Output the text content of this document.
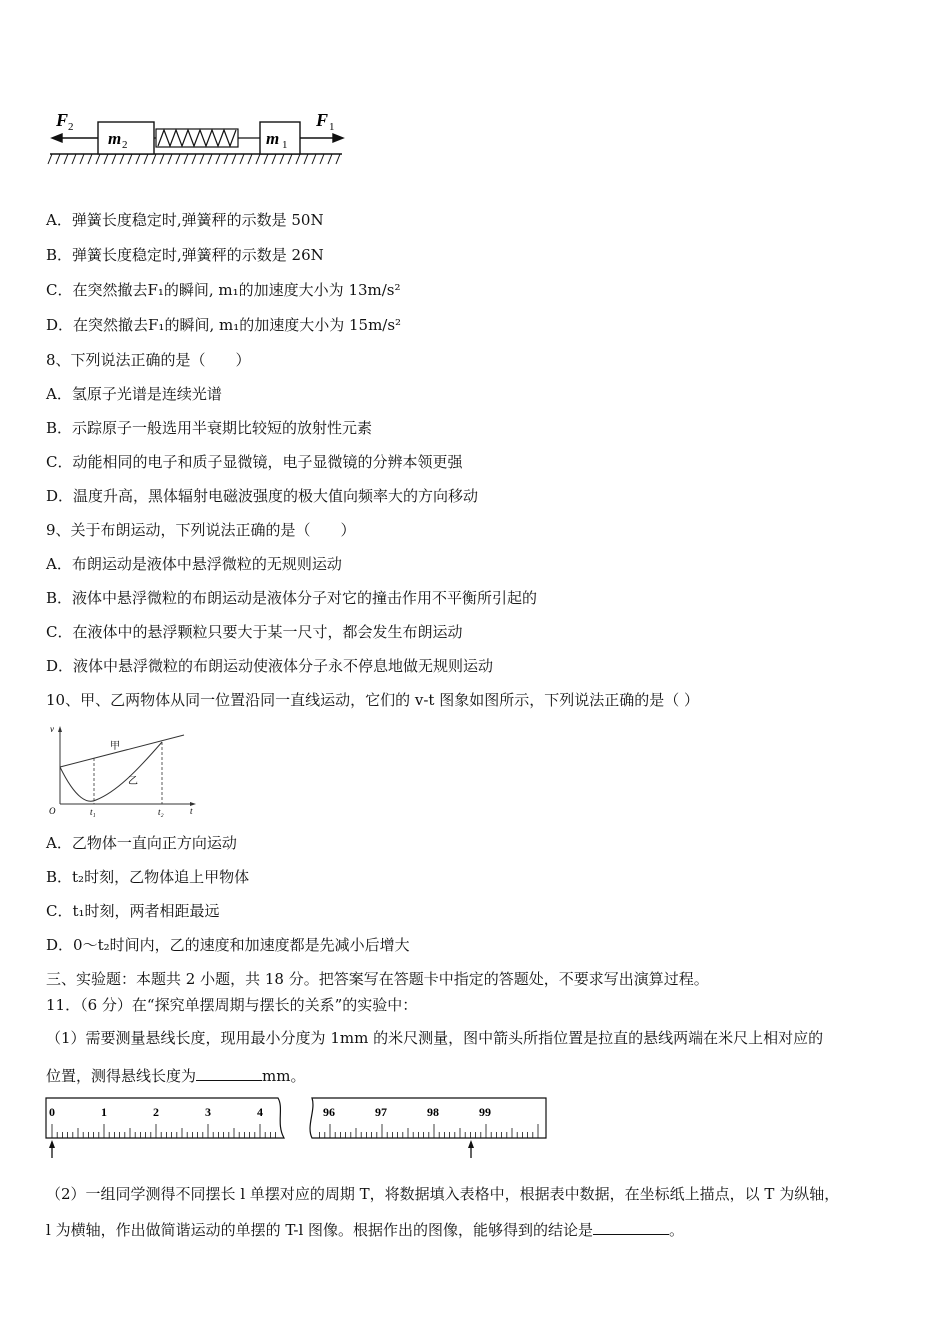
m 2	m 1
F 2	F 1
A．弹簧长度稳定时,弹簧秤的示数是 50N
B．弹簧长度稳定时,弹簧秤的示数是 26N
C．在突然撤去F₁的瞬间, m₁的加速度大小为 13m/s²
D．在突然撤去F₁的瞬间, m₁的加速度大小为 15m/s²
8、下列说法正确的是（　　）
A．氢原子光谱是连续光谱
B．示踪原子一般选用半衰期比较短的放射性元素
C．动能相同的电子和质子显微镜，电子显微镜的分辨本领更强
D．温度升高，黑体辐射电磁波强度的极大值向频率大的方向移动
9、关于布朗运动，下列说法正确的是（　　）
A．布朗运动是液体中悬浮微粒的无规则运动
B．液体中悬浮微粒的布朗运动是液体分子对它的撞击作用不平衡所引起的
C．在液体中的悬浮颗粒只要大于某一尺寸，都会发生布朗运动
D．液体中悬浮微粒的布朗运动使液体分子永不停息地做无规则运动
10、甲、乙两物体从同一位置沿同一直线运动，它们的 v-t 图象如图所示，下列说法正确的是（ ）
v
t
O
甲
乙
t₁	t₂
A．乙物体一直向正方向运动
B．t₂时刻，乙物体追上甲物体
C．t₁时刻，两者相距最远
D．0～t₂时间内，乙的速度和加速度都是先减小后增大
三、实验题：本题共 2 小题，共 18 分。把答案写在答题卡中指定的答题处，不要求写出演算过程。
11．（6 分）在“探究单摆周期与摆长的关系”的实验中：
（1）需要测量悬线长度，现用最小分度为 1mm 的米尺测量，图中箭头所指位置是拉直的悬线两端在米尺上相对应的
位置，测得悬线长度为	mm。
0	1	2	3	4	96	97	98	99
（2）一组同学测得不同摆长 l 单摆对应的周期 T，将数据填入表格中，根据表中数据，在坐标纸上描点，以 T 为纵轴，
l 为横轴，作出做简谐运动的单摆的 T-l 图像。根据作出的图像，能够得到的结论是	。
